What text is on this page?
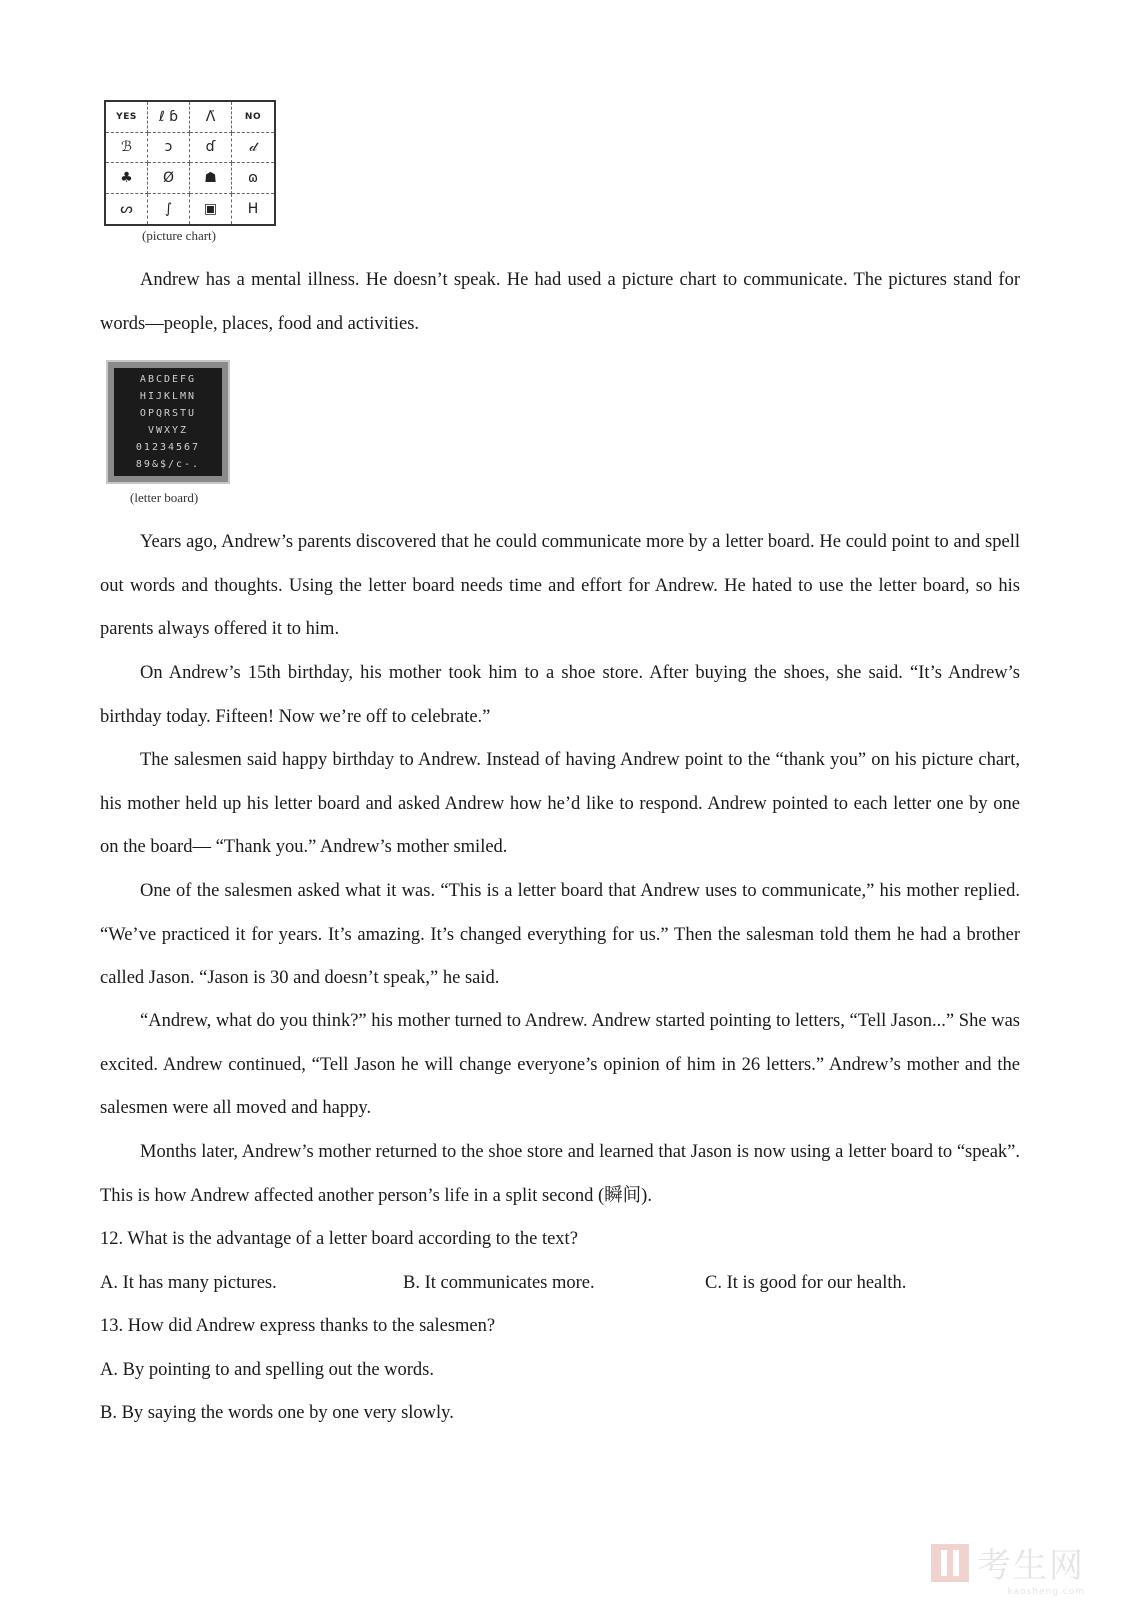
YES	ℓ ɓ	ᐱ̈	NO
ℬ	ↄ	ɗ	𝒹
♣	Ø	☗	ɷ
ᔕ	∫	▣	ᕼ
(picture chart)

Andrew has a mental illness. He doesn’t speak. He had used a picture chart to communicate. The pictures stand for words—people, places, food and activities.

ABCDEFG
HIJKLMN
OPQRSTU
VWXYZ
01234567
89&$/c-.
(letter board)

Years ago, Andrew’s parents discovered that he could communicate more by a letter board. He could point to and spell out words and thoughts. Using the letter board needs time and effort for Andrew. He hated to use the letter board, so his parents always offered it to him.

On Andrew’s 15th birthday, his mother took him to a shoe store. After buying the shoes, she said. “It’s Andrew’s birthday today. Fifteen! Now we’re off to celebrate.”

The salesmen said happy birthday to Andrew. Instead of having Andrew point to the “thank you” on his picture chart, his mother held up his letter board and asked Andrew how he’d like to respond. Andrew pointed to each letter one by one on the board— “Thank you.” Andrew’s mother smiled.

One of the salesmen asked what it was. “This is a letter board that Andrew uses to communicate,” his mother replied. “We’ve practiced it for years. It’s amazing. It’s changed everything for us.” Then the salesman told them he had a brother called Jason. “Jason is 30 and doesn’t speak,” he said.

“Andrew, what do you think?” his mother turned to Andrew. Andrew started pointing to letters, “Tell Jason...” She was excited. Andrew continued, “Tell Jason he will change everyone’s opinion of him in 26 letters.” Andrew’s mother and the salesmen were all moved and happy.

Months later, Andrew’s mother returned to the shoe store and learned that Jason is now using a letter board to “speak”. This is how Andrew affected another person’s life in a split second (瞬间).

12. What is the advantage of a letter board according to the text?

A. It has many pictures.	B. It communicates more.	C. It is good for our health.

13. How did Andrew express thanks to the salesmen?

A. By pointing to and spelling out the words.

B. By saying the words one by one very slowly.

考生网
kaosheng.com
